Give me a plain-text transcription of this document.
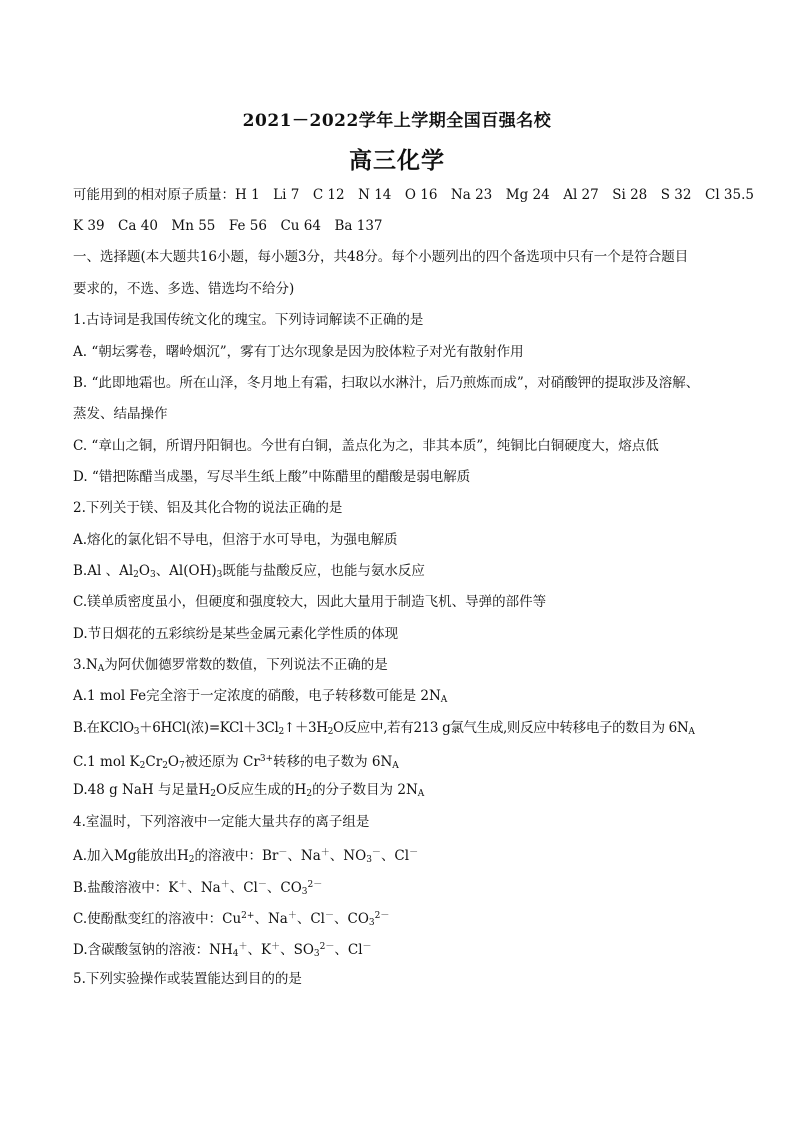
2021－2022学年上学期全国百强名校
高三化学
可能用到的相对原子质量：H 1　Li 7　C 12　N 14　O 16　Na 23　Mg 24　Al 27　Si 28　S 32　Cl 35.5
K 39　Ca 40　Mn 55　Fe 56　Cu 64　Ba 137
一、选择题(本大题共16小题，每小题3分，共48分。每个小题列出的四个备选项中只有一个是符合题目
要求的，不选、多选、错选均不给分)
1.古诗词是我国传统文化的瑰宝。下列诗词解读不正确的是
A. “朝坛雾卷，曙岭烟沉”，雾有丁达尔现象是因为胶体粒子对光有散射作用
B. “此即地霜也。所在山泽，冬月地上有霜，扫取以水淋汁，后乃煎炼而成”，对硝酸钾的提取涉及溶解、
蒸发、结晶操作
C. “章山之铜，所谓丹阳铜也。今世有白铜，盖点化为之，非其本质”，纯铜比白铜硬度大，熔点低
D. “错把陈醋当成墨，写尽半生纸上酸”中陈醋里的醋酸是弱电解质
2.下列关于镁、铝及其化合物的说法正确的是
A.熔化的氯化铝不导电，但溶于水可导电，为强电解质
B.Al 、$Al_2O_3$、$Al(OH)_3$既能与盐酸反应，也能与氨水反应
C.镁单质密度虽小，但硬度和强度较大，因此大量用于制造飞机、导弹的部件等
D.节日烟花的五彩缤纷是某些金属元素化学性质的体现
$3.N_A$为阿伏伽德罗常数的数值，下列说法不正确的是
A.1 mol Fe完全溶于一定浓度的硝酸，电子转移数可能是 $2N_A$
B.在KClO$_3$＋6HCl(浓)$=KCl+3Cl_2↑+3H_2O$反应中,若有213 g氯气生成,则反应中转移电子的数目为 $6N_A$
C.1 mol $K_2Cr_2O_7$被还原为 $Cr^{3+}$转移的电子数为 $6N_A$
D.48 g NaH 与足量$H_2O$反应生成的$H_2$的分子数目为 $2N_A$
4.室温时，下列溶液中一定能大量共存的离子组是
A.加入Mg能放出$H_2$的溶液中：Br－、Na＋、$NO_3^-$、Cl－
B.盐酸溶液中：K＋、Na＋、Cl－、$CO_3^{2-}$
C.使酚酞变红的溶液中：$Cu^{2+}$、Na＋、Cl－、$CO_3^{2-}$
D.含碳酸氢钠的溶液：$NH_4^+$、K＋、$SO_3^{2-}$、Cl－
5.下列实验操作或装置能达到目的的是
